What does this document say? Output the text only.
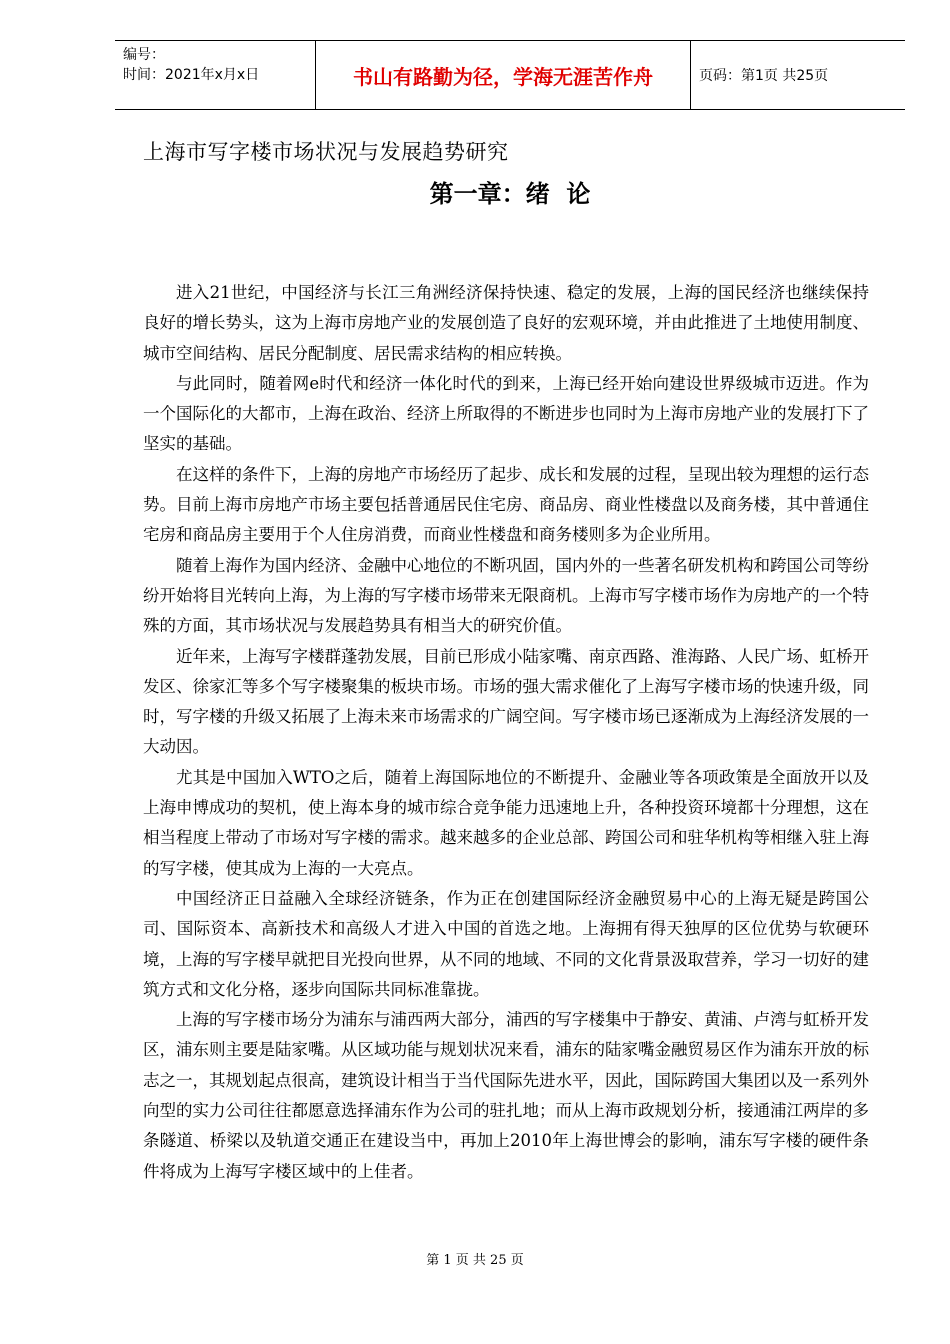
编号：
时间：2021年x月x日	书山有路勤为径，学海无涯苦作舟	页码：第1页 共25页
上海市写字楼市场状况与发展趋势研究
第一章：绪  论

进入21世纪，中国经济与长江三角洲经济保持快速、稳定的发展，上海的国民经济也继续保持良好的增长势头，这为上海市房地产业的发展创造了良好的宏观环境，并由此推进了土地使用制度、城市空间结构、居民分配制度、居民需求结构的相应转换。

与此同时，随着网e时代和经济一体化时代的到来，上海已经开始向建设世界级城市迈进。作为一个国际化的大都市，上海在政治、经济上所取得的不断进步也同时为上海市房地产业的发展打下了坚实的基础。

在这样的条件下，上海的房地产市场经历了起步、成长和发展的过程，呈现出较为理想的运行态势。目前上海市房地产市场主要包括普通居民住宅房、商品房、商业性楼盘以及商务楼，其中普通住宅房和商品房主要用于个人住房消费，而商业性楼盘和商务楼则多为企业所用。

随着上海作为国内经济、金融中心地位的不断巩固，国内外的一些著名研发机构和跨国公司等纷纷开始将目光转向上海，为上海的写字楼市场带来无限商机。上海市写字楼市场作为房地产的一个特殊的方面，其市场状况与发展趋势具有相当大的研究价值。

近年来，上海写字楼群蓬勃发展，目前已形成小陆家嘴、南京西路、淮海路、人民广场、虹桥开发区、徐家汇等多个写字楼聚集的板块市场。市场的强大需求催化了上海写字楼市场的快速升级，同时，写字楼的升级又拓展了上海未来市场需求的广阔空间。写字楼市场已逐渐成为上海经济发展的一大动因。

尤其是中国加入WTO之后，随着上海国际地位的不断提升、金融业等各项政策是全面放开以及上海申博成功的契机，使上海本身的城市综合竞争能力迅速地上升，各种投资环境都十分理想，这在相当程度上带动了市场对写字楼的需求。越来越多的企业总部、跨国公司和驻华机构等相继入驻上海的写字楼，使其成为上海的一大亮点。

中国经济正日益融入全球经济链条，作为正在创建国际经济金融贸易中心的上海无疑是跨国公司、国际资本、高新技术和高级人才进入中国的首选之地。上海拥有得天独厚的区位优势与软硬环境，上海的写字楼早就把目光投向世界，从不同的地域、不同的文化背景汲取营养，学习一切好的建筑方式和文化分格，逐步向国际共同标准靠拢。

上海的写字楼市场分为浦东与浦西两大部分，浦西的写字楼集中于静安、黄浦、卢湾与虹桥开发区，浦东则主要是陆家嘴。从区域功能与规划状况来看，浦东的陆家嘴金融贸易区作为浦东开放的标志之一，其规划起点很高，建筑设计相当于当代国际先进水平，因此，国际跨国大集团以及一系列外向型的实力公司往往都愿意选择浦东作为公司的驻扎地；而从上海市政规划分析，接通浦江两岸的多条隧道、桥梁以及轨道交通正在建设当中，再加上2010年上海世博会的影响，浦东写字楼的硬件条件将成为上海写字楼区域中的上佳者。

第 1 页 共 25 页
